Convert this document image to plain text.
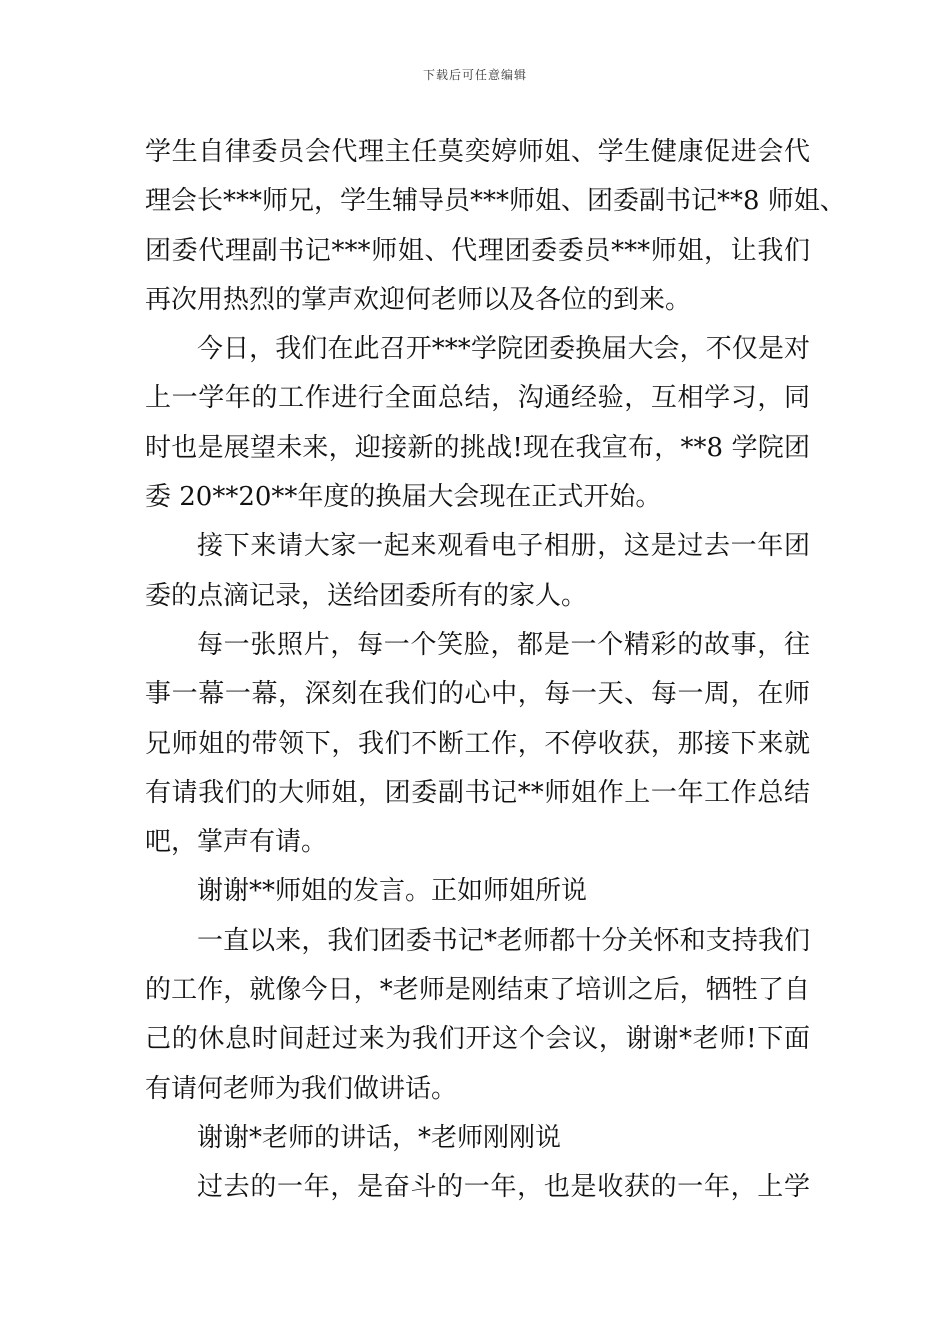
下载后可任意编辑
学生自律委员会代理主任莫奕婷师姐、学生健康促进会代
理会长***师兄，学生辅导员***师姐、团委副书记**8 师姐、
团委代理副书记***师姐、代理团委委员***师姐，让我们
再次用热烈的掌声欢迎何老师以及各位的到来。
今日，我们在此召开***学院团委换届大会，不仅是对
上一学年的工作进行全面总结，沟通经验，互相学习，同
时也是展望未来，迎接新的挑战!现在我宣布，**8 学院团
委 20**20**年度的换届大会现在正式开始。
接下来请大家一起来观看电子相册，这是过去一年团
委的点滴记录，送给团委所有的家人。
每一张照片，每一个笑脸，都是一个精彩的故事，往
事一幕一幕，深刻在我们的心中，每一天、每一周，在师
兄师姐的带领下，我们不断工作，不停收获，那接下来就
有请我们的大师姐，团委副书记**师姐作上一年工作总结
吧，掌声有请。
谢谢**师姐的发言。正如师姐所说
一直以来，我们团委书记*老师都十分关怀和支持我们
的工作，就像今日，*老师是刚结束了培训之后，牺牲了自
己的休息时间赶过来为我们开这个会议，谢谢*老师!下面
有请何老师为我们做讲话。
谢谢*老师的讲话，*老师刚刚说
过去的一年，是奋斗的一年，也是收获的一年，上学
